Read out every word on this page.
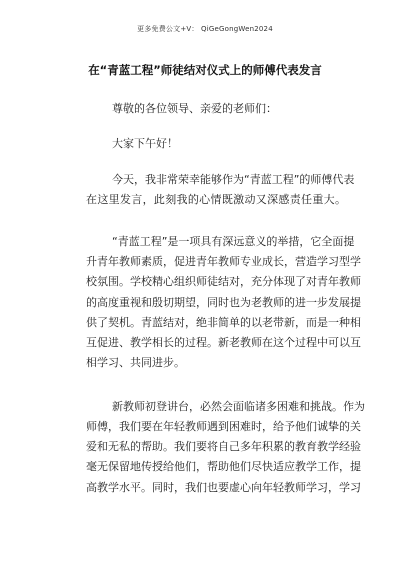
更多免费公文+V： QiGeGongWen2024
在“青蓝工程”师徒结对仪式上的师傅代表发言
尊敬的各位领导、亲爱的老师们：
大家下午好！
今天，我非常荣幸能够作为“青蓝工程”的师傅代表
在这里发言，此刻我的心情既激动又深感责任重大。
“青蓝工程”是一项具有深远意义的举措，它全面提
升青年教师素质，促进青年教师专业成长，营造学习型学
校氛围。学校精心组织师徒结对，充分体现了对青年教师
的高度重视和殷切期望，同时也为老教师的进一步发展提
供了契机。青蓝结对，绝非简单的以老带新，而是一种相
互促进、教学相长的过程。新老教师在这个过程中可以互
相学习、共同进步。
新教师初登讲台，必然会面临诸多困难和挑战。作为
师傅，我们要在年轻教师遇到困难时，给予他们诚挚的关
爱和无私的帮助。我们要将自己多年积累的教育教学经验
毫无保留地传授给他们，帮助他们尽快适应教学工作，提
高教学水平。同时，我们也要虚心向年轻教师学习，学习
